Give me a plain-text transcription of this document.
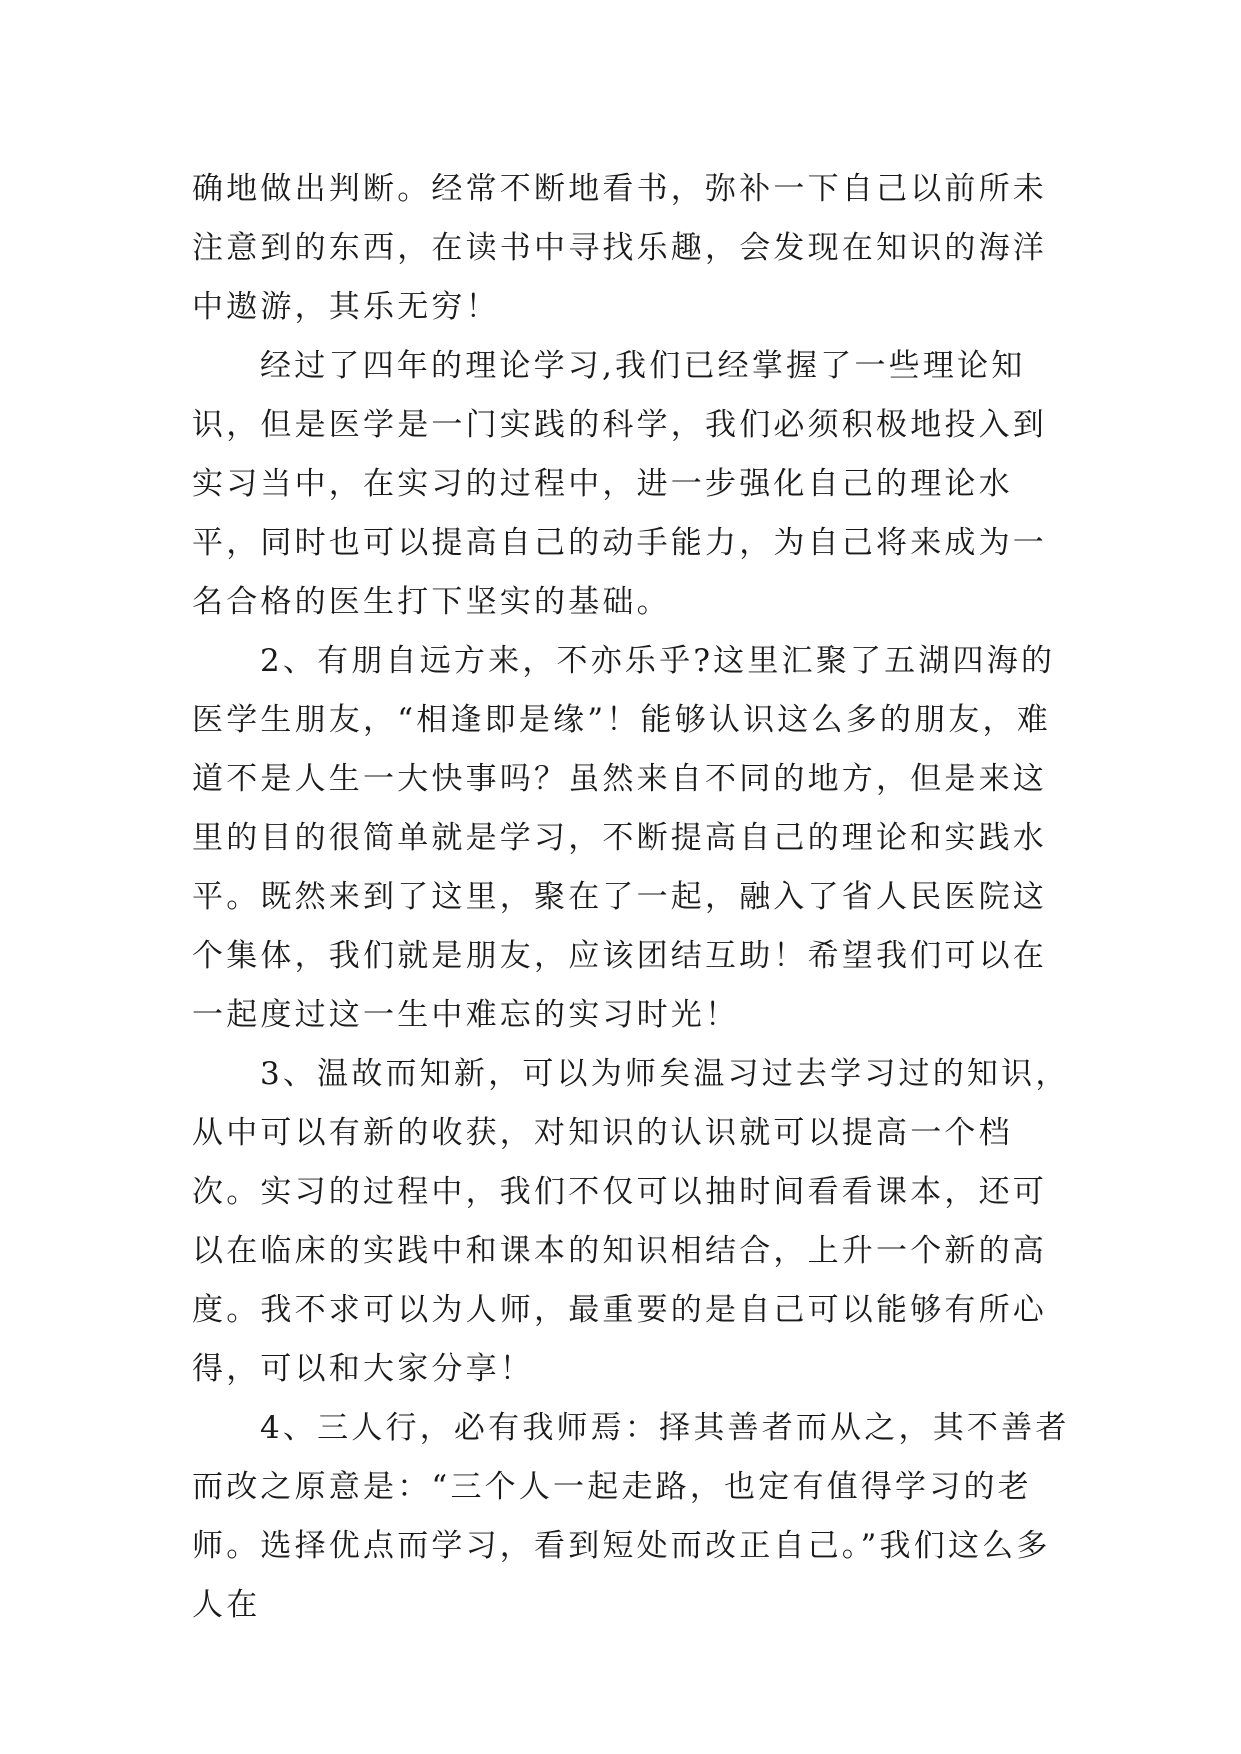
确地做出判断。经常不断地看书，弥补一下自己以前所未注意到的东西，在读书中寻找乐趣，会发现在知识的海洋中遨游，其乐无穷！

经过了四年的理论学习,我们已经掌握了一些理论知识，但是医学是一门实践的科学，我们必须积极地投入到实习当中，在实习的过程中，进一步强化自己的理论水平，同时也可以提高自己的动手能力，为自己将来成为一名合格的医生打下坚实的基础。

2、有朋自远方来，不亦乐乎?这里汇聚了五湖四海的医学生朋友，“相逢即是缘”！能够认识这么多的朋友，难道不是人生一大快事吗？虽然来自不同的地方，但是来这里的目的很简单就是学习，不断提高自己的理论和实践水平。既然来到了这里，聚在了一起，融入了省人民医院这个集体，我们就是朋友，应该团结互助！希望我们可以在一起度过这一生中难忘的实习时光！

3、温故而知新，可以为师矣温习过去学习过的知识，从中可以有新的收获，对知识的认识就可以提高一个档次。实习的过程中，我们不仅可以抽时间看看课本，还可以在临床的实践中和课本的知识相结合，上升一个新的高度。我不求可以为人师，最重要的是自己可以能够有所心得，可以和大家分享！

4、三人行，必有我师焉：择其善者而从之，其不善者而改之原意是：“三个人一起走路，也定有值得学习的老师。选择优点而学习，看到短处而改正自己。”我们这么多人在
